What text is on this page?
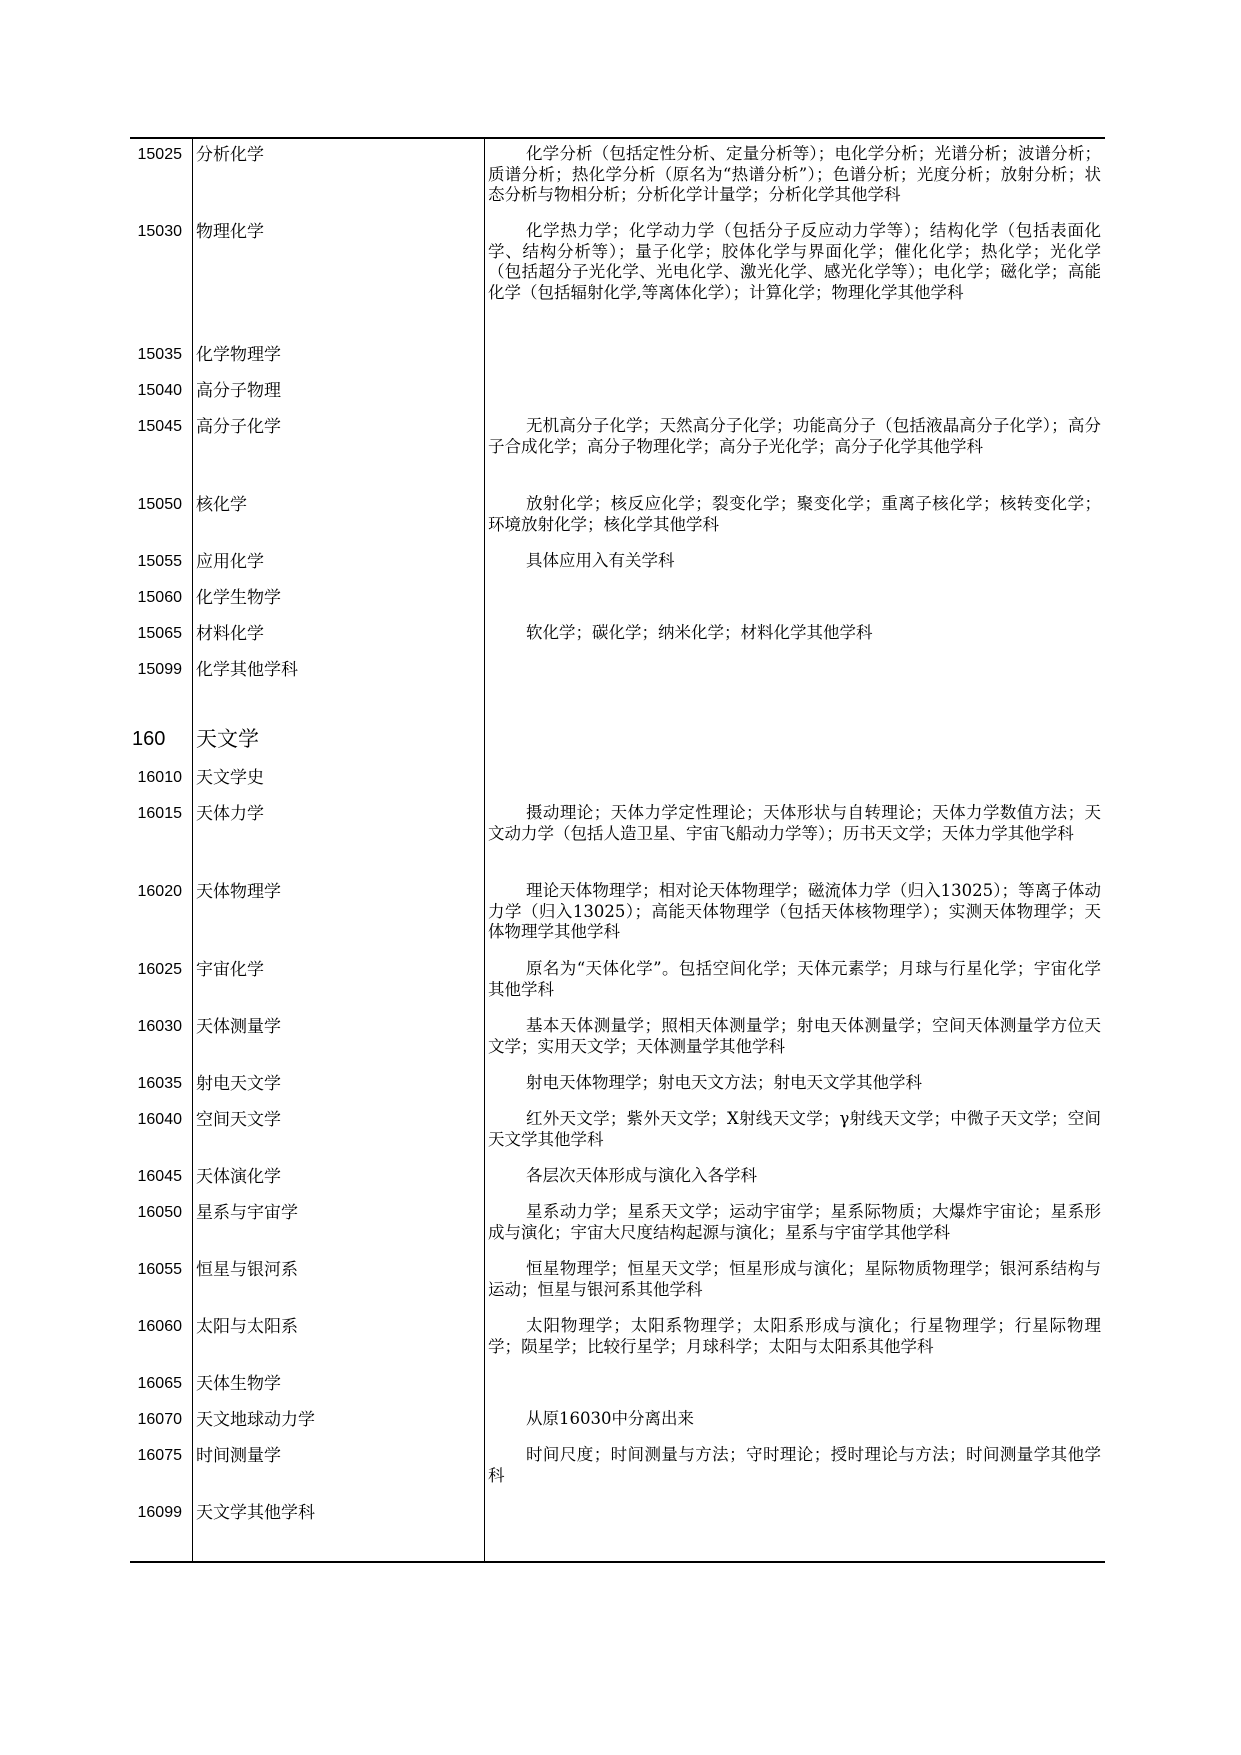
15025 分析化学	化学分析（包括定性分析、定量分析等）；电化学分析；光谱分析；波谱分析；质谱分析；热化学分析（原名为“热谱分析”）；色谱分析；光度分析；放射分析；状态分析与物相分析；分析化学计量学；分析化学其他学科
15030 物理化学	化学热力学；化学动力学（包括分子反应动力学等）；结构化学（包括表面化学、结构分析等）；量子化学；胶体化学与界面化学；催化化学；热化学；光化学（包括超分子光化学、光电化学、激光化学、感光化学等）；电化学；磁化学；高能化学（包括辐射化学,等离体化学）；计算化学；物理化学其他学科
15035 化学物理学
15040 高分子物理
15045 高分子化学	无机高分子化学；天然高分子化学；功能高分子（包括液晶高分子化学）；高分子合成化学；高分子物理化学；高分子光化学；高分子化学其他学科
15050 核化学	放射化学；核反应化学；裂变化学；聚变化学；重离子核化学；核转变化学；环境放射化学；核化学其他学科
15055 应用化学	具体应用入有关学科
15060 化学生物学
15065 材料化学	软化学；碳化学；纳米化学；材料化学其他学科
15099 化学其他学科
160	天文学
16010 天文学史
16015 天体力学	摄动理论；天体力学定性理论；天体形状与自转理论；天体力学数值方法；天文动力学（包括人造卫星、宇宙飞船动力学等）；历书天文学；天体力学其他学科
16020 天体物理学	理论天体物理学；相对论天体物理学；磁流体力学（归入13025）；等离子体动力学（归入13025）；高能天体物理学（包括天体核物理学）；实测天体物理学；天体物理学其他学科
16025 宇宙化学	原名为“天体化学”。包括空间化学；天体元素学；月球与行星化学；宇宙化学其他学科
16030 天体测量学	基本天体测量学；照相天体测量学；射电天体测量学；空间天体测量学方位天文学；实用天文学；天体测量学其他学科
16035 射电天文学	射电天体物理学；射电天文方法；射电天文学其他学科
16040 空间天文学	红外天文学；紫外天文学；X射线天文学；γ射线天文学；中微子天文学；空间天文学其他学科
16045 天体演化学	各层次天体形成与演化入各学科
16050 星系与宇宙学	星系动力学；星系天文学；运动宇宙学；星系际物质；大爆炸宇宙论；星系形成与演化；宇宙大尺度结构起源与演化；星系与宇宙学其他学科
16055 恒星与银河系	恒星物理学；恒星天文学；恒星形成与演化；星际物质物理学；银河系结构与运动；恒星与银河系其他学科
16060 太阳与太阳系	太阳物理学；太阳系物理学；太阳系形成与演化；行星物理学；行星际物理学；陨星学；比较行星学；月球科学；太阳与太阳系其他学科
16065 天体生物学
16070 天文地球动力学	从原16030中分离出来
16075 时间测量学	时间尺度；时间测量与方法；守时理论；授时理论与方法；时间测量学其他学科
16099 天文学其他学科
